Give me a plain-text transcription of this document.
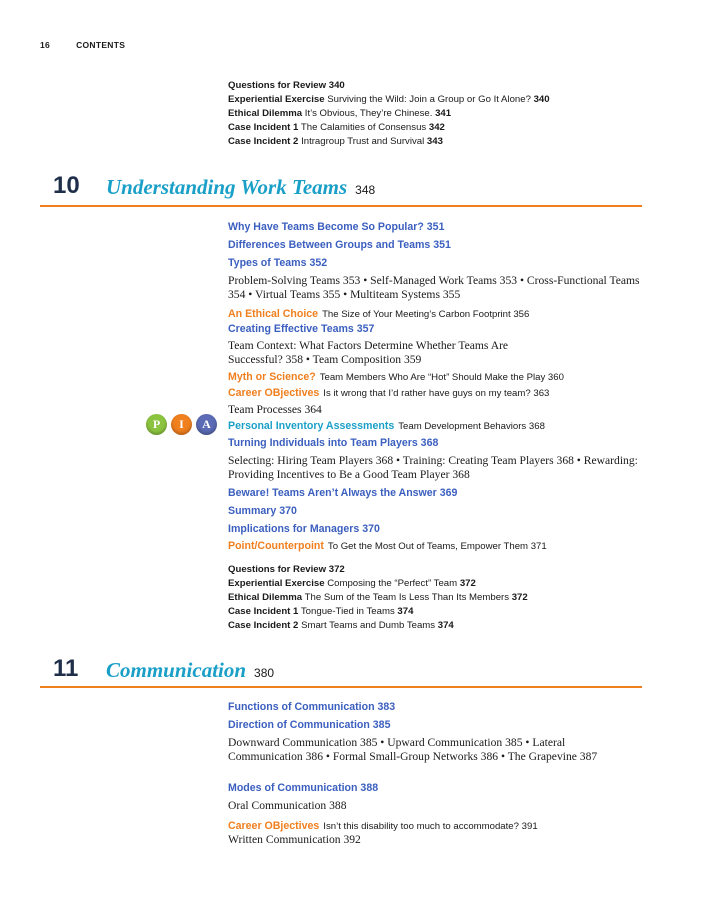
16	CONTENTS
Questions for Review 340
Experiential Exercise Surviving the Wild: Join a Group or Go It Alone? 340
Ethical Dilemma It’s Obvious, They’re Chinese. 341
Case Incident 1 The Calamities of Consensus 342
Case Incident 2 Intragroup Trust and Survival 343
10 Understanding Work Teams 348
Why Have Teams Become So Popular? 351
Differences Between Groups and Teams 351
Types of Teams 352
Problem-Solving Teams 353 • Self-Managed Work Teams 353 • Cross-Functional Teams 354 • Virtual Teams 355 • Multiteam Systems 355
An Ethical Choice The Size of Your Meeting’s Carbon Footprint 356
Creating Effective Teams 357
Team Context: What Factors Determine Whether Teams Are Successful? 358 • Team Composition 359
Myth or Science? Team Members Who Are “Hot” Should Make the Play 360
Career OBjectives Is it wrong that I’d rather have guys on my team? 363
Team Processes 364
P	I	A	Personal Inventory Assessments Team Development Behaviors 368
Turning Individuals into Team Players 368
Selecting: Hiring Team Players 368 • Training: Creating Team Players 368 • Rewarding: Providing Incentives to Be a Good Team Player 368
Beware! Teams Aren’t Always the Answer 369
Summary 370
Implications for Managers 370
Point/Counterpoint To Get the Most Out of Teams, Empower Them 371
Questions for Review 372
Experiential Exercise Composing the “Perfect” Team 372
Ethical Dilemma The Sum of the Team Is Less Than Its Members 372
Case Incident 1 Tongue-Tied in Teams 374
Case Incident 2 Smart Teams and Dumb Teams 374
11 Communication 380
Functions of Communication 383
Direction of Communication 385
Downward Communication 385 • Upward Communication 385 • Lateral Communication 386 • Formal Small-Group Networks 386 • The Grapevine 387
Modes of Communication 388
Oral Communication 388
Career OBjectives Isn’t this disability too much to accommodate? 391
Written Communication 392
